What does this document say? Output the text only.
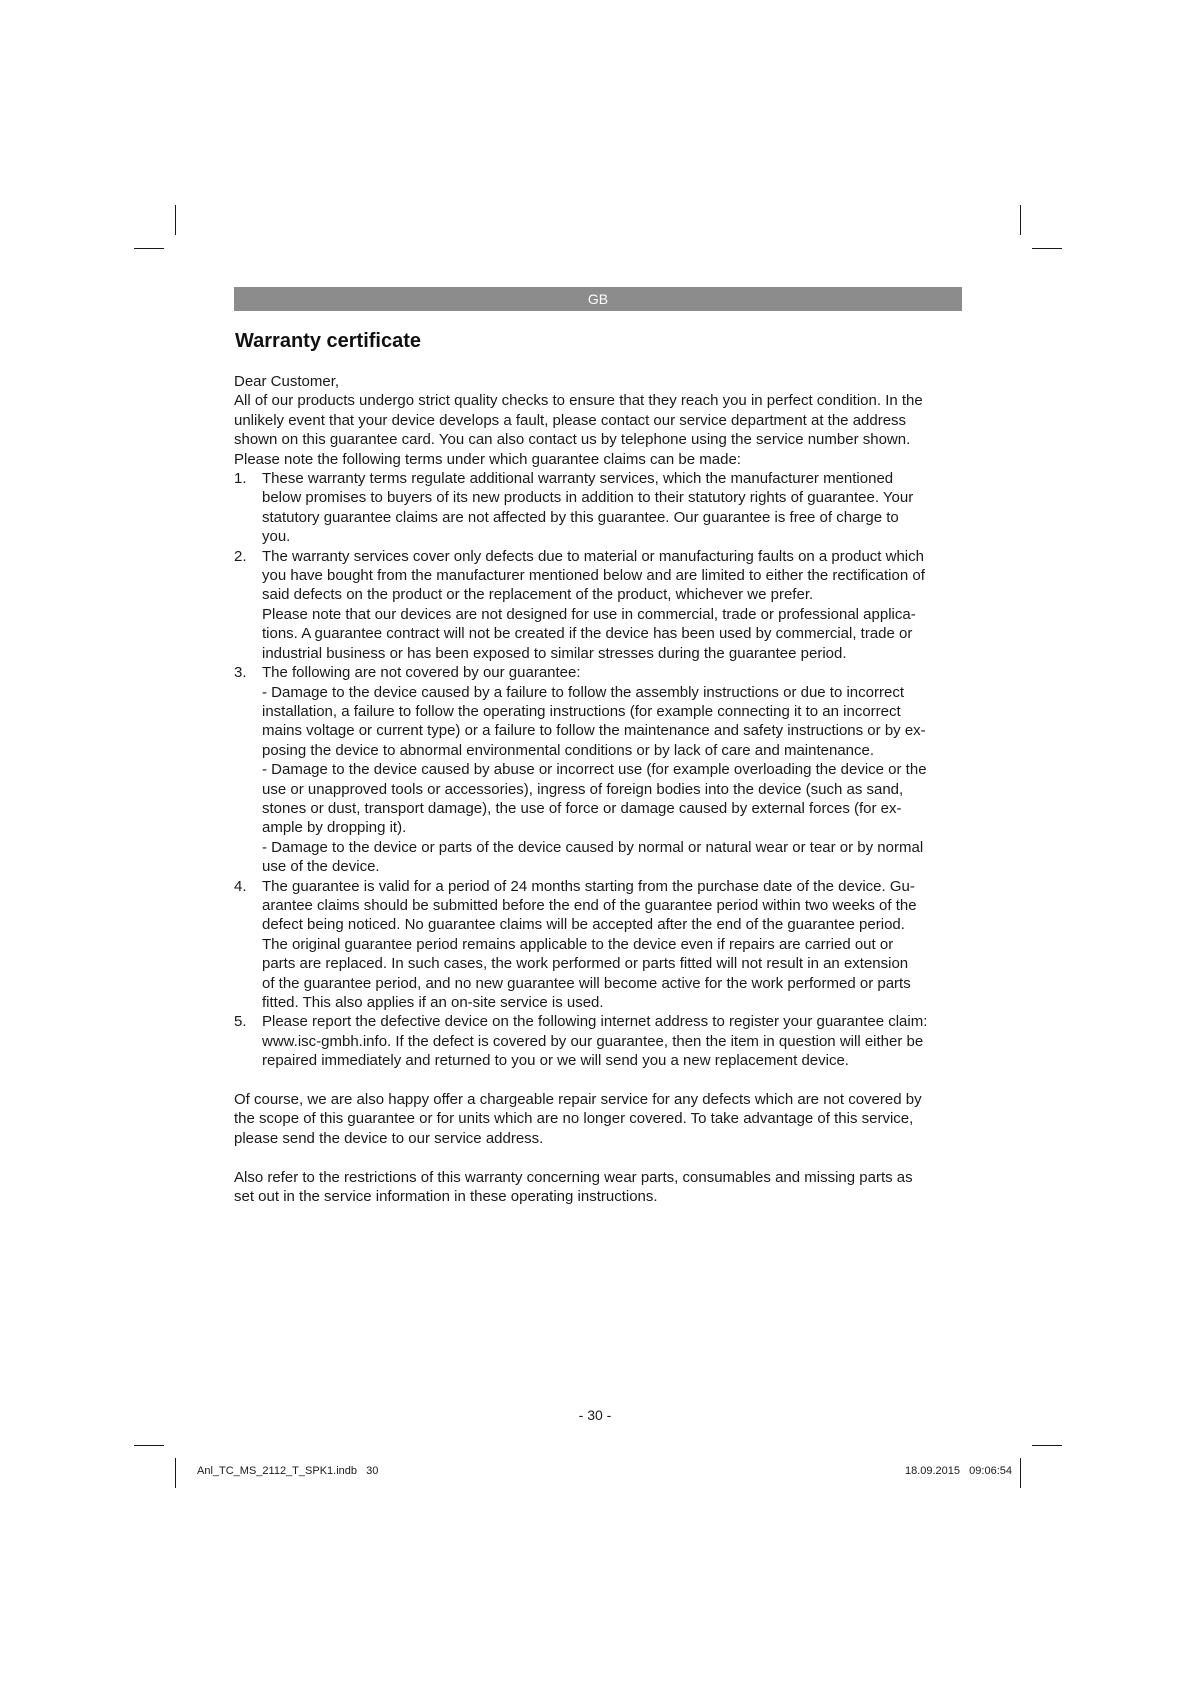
GB
Warranty certificate

Dear Customer,

All of our products undergo strict quality checks to ensure that they reach you in perfect condition. In the
unlikely event that your device develops a fault, please contact our service department at the address
shown on this guarantee card. You can also contact us by telephone using the service number shown.
Please note the following terms under which guarantee claims can be made:
1. These warranty terms regulate additional warranty services, which the manufacturer mentioned
below promises to buyers of its new products in addition to their statutory rights of guarantee. Your
statutory guarantee claims are not affected by this guarantee. Our guarantee is free of charge to
you.
2. The warranty services cover only defects due to material or manufacturing faults on a product which
you have bought from the manufacturer mentioned below and are limited to either the rectification of
said defects on the product or the replacement of the product, whichever we prefer.
Please note that our devices are not designed for use in commercial, trade or professional applica-
tions. A guarantee contract will not be created if the device has been used by commercial, trade or
industrial business or has been exposed to similar stresses during the guarantee period.
3. The following are not covered by our guarantee:
- Damage to the device caused by a failure to follow the assembly instructions or due to incorrect
installation, a failure to follow the operating instructions (for example connecting it to an incorrect
mains voltage or current type) or a failure to follow the maintenance and safety instructions or by ex-
posing the device to abnormal environmental conditions or by lack of care and maintenance.
- Damage to the device caused by abuse or incorrect use (for example overloading the device or the
use or unapproved tools or accessories), ingress of foreign bodies into the device (such as sand,
stones or dust, transport damage), the use of force or damage caused by external forces (for ex-
ample by dropping it).
- Damage to the device or parts of the device caused by normal or natural wear or tear or by normal
use of the device.
4. The guarantee is valid for a period of 24 months starting from the purchase date of the device. Gu-
arantee claims should be submitted before the end of the guarantee period within two weeks of the
defect being noticed. No guarantee claims will be accepted after the end of the guarantee period.
The original guarantee period remains applicable to the device even if repairs are carried out or
parts are replaced. In such cases, the work performed or parts fitted will not result in an extension
of the guarantee period, and no new guarantee will become active for the work performed or parts
fitted. This also applies if an on-site service is used.
5. Please report the defective device on the following internet address to register your guarantee claim:
www.isc-gmbh.info. If the defect is covered by our guarantee, then the item in question will either be
repaired immediately and returned to you or we will send you a new replacement device.
Of course, we are also happy offer a chargeable repair service for any defects which are not covered by
the scope of this guarantee or for units which are no longer covered. To take advantage of this service,
please send the device to our service address.
Also refer to the restrictions of this warranty concerning wear parts, consumables and missing parts as
set out in the service information in these operating instructions.
- 30 -
Anl_TC_MS_2112_T_SPK1.indb   30	18.09.2015   09:06:54
